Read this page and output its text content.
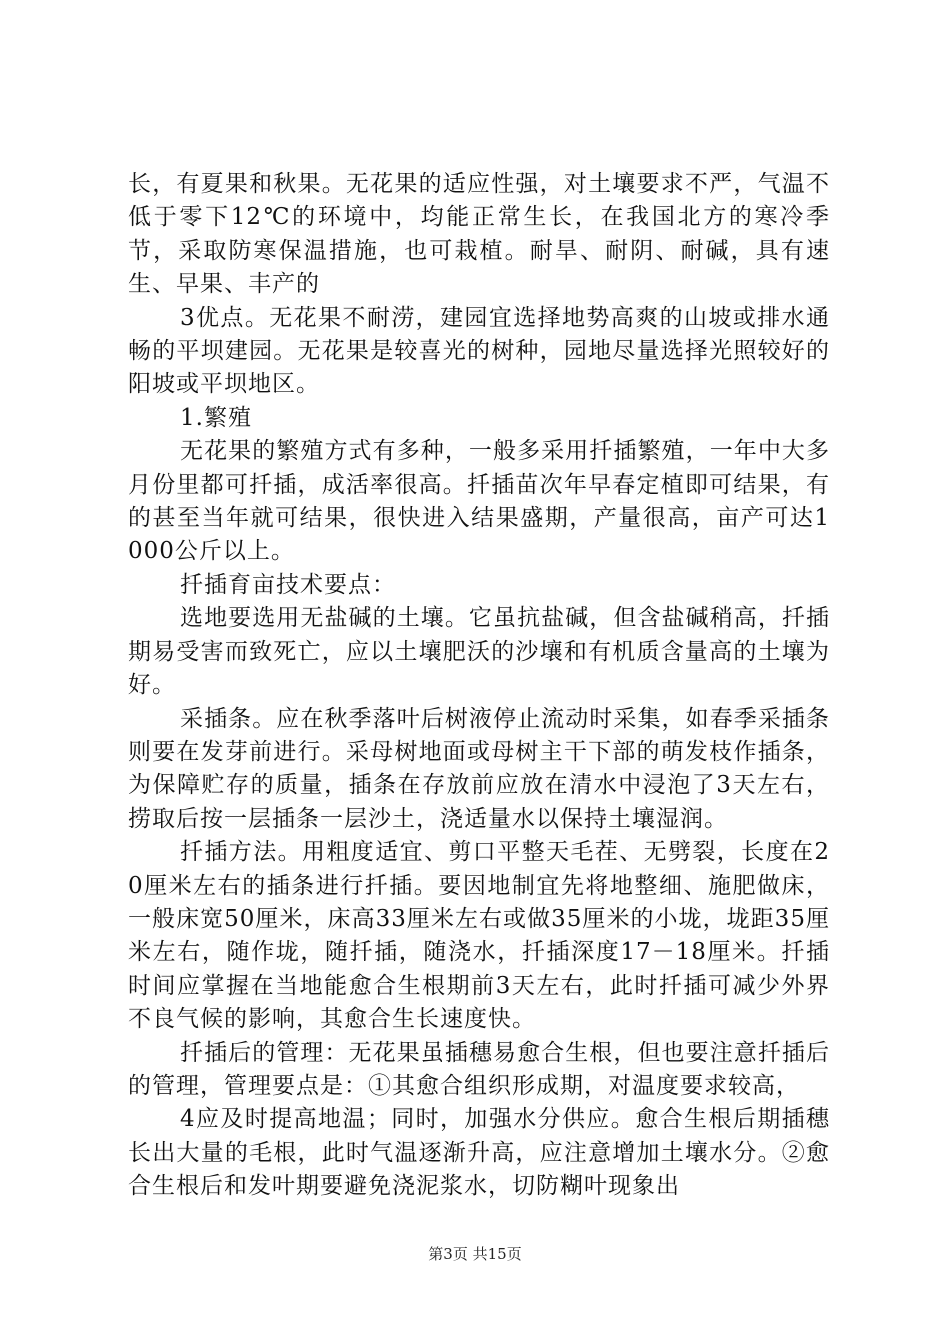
长，有夏果和秋果。无花果的适应性强，对土壤要求不严，气温不低于零下12℃的环境中，均能正常生长，在我国北方的寒冷季节，采取防寒保温措施，也可栽植。耐旱、耐阴、耐碱，具有速生、早果、丰产的

3优点。无花果不耐涝，建园宜选择地势高爽的山坡或排水通畅的平坝建园。无花果是较喜光的树种，园地尽量选择光照较好的阳坡或平坝地区。

1.繁殖

无花果的繁殖方式有多种，一般多采用扦插繁殖，一年中大多月份里都可扦插，成活率很高。扦插苗次年早春定植即可结果，有的甚至当年就可结果，很快进入结果盛期，产量很高，亩产可达1000公斤以上。

扦插育亩技术要点：

选地要选用无盐碱的土壤。它虽抗盐碱，但含盐碱稍高，扦插期易受害而致死亡，应以土壤肥沃的沙壤和有机质含量高的土壤为好。

采插条。应在秋季落叶后树液停止流动时采集，如春季采插条则要在发芽前进行。采母树地面或母树主干下部的萌发枝作插条，为保障贮存的质量，插条在存放前应放在清水中浸泡了3天左右，捞取后按一层插条一层沙土，浇适量水以保持土壤湿润。

扦插方法。用粗度适宜、剪口平整天毛茬、无劈裂，长度在20厘米左右的插条进行扦插。要因地制宜先将地整细、施肥做床，一般床宽50厘米，床高33厘米左右或做35厘米的小垅，垅距35厘米左右，随作垅，随扦插，随浇水，扦插深度17－18厘米。扦插时间应掌握在当地能愈合生根期前3天左右，此时扦插可减少外界不良气候的影响，其愈合生长速度快。

扦插后的管理：无花果虽插穗易愈合生根，但也要注意扦插后的管理，管理要点是：①其愈合组织形成期，对温度要求较高，

4应及时提高地温；同时，加强水分供应。愈合生根后期插穗长出大量的毛根，此时气温逐渐升高，应注意增加土壤水分。②愈合生根后和发叶期要避免浇泥浆水，切防糊叶现象出

第3页 共15页
